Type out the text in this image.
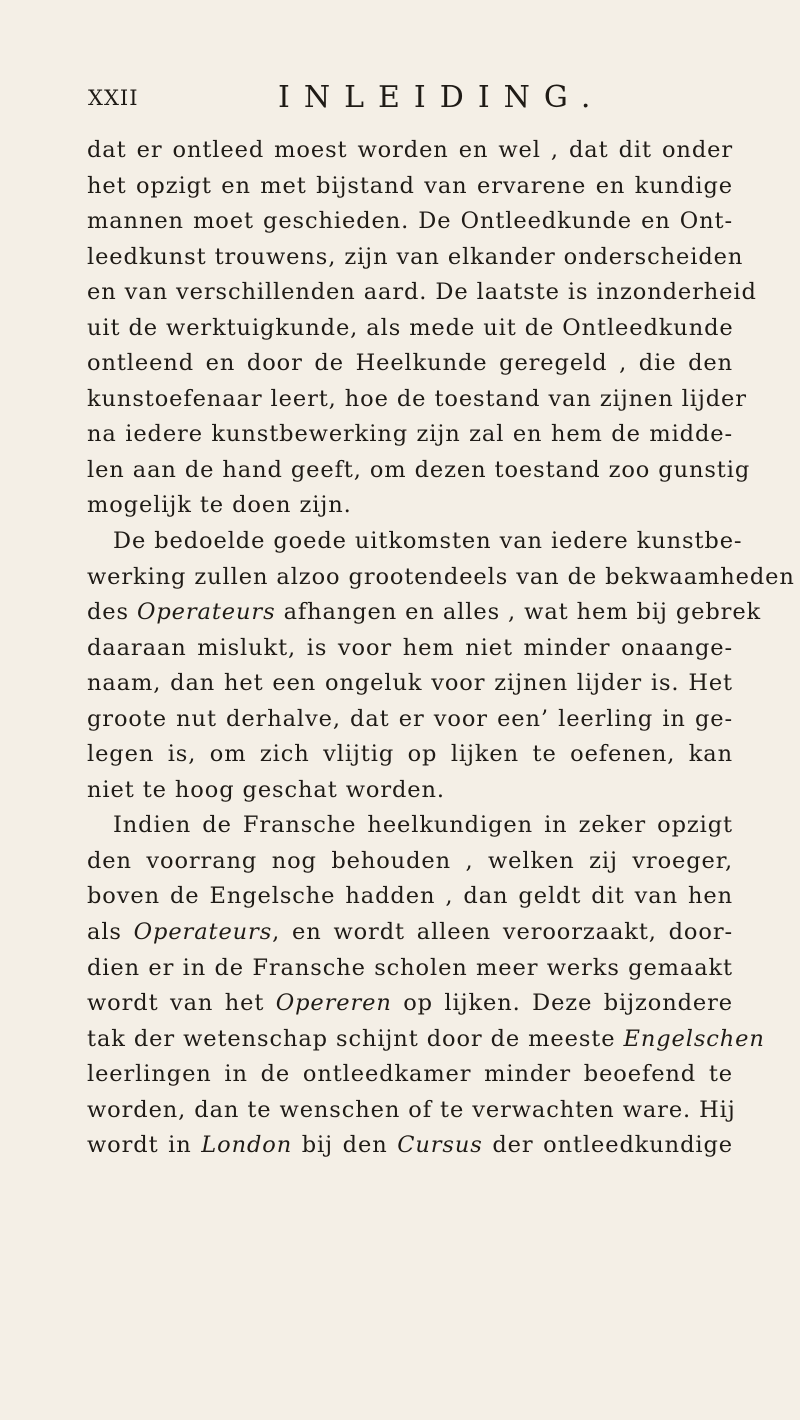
XXII	INLEIDING.
dat er ontleed moest worden en wel , dat dit onder
het opzigt en met bijstand van ervarene en kundige
mannen moet geschieden. De Ontleedkunde en Ont-
leedkunst trouwens, zijn van elkander onderscheiden
en van verschillenden aard. De laatste is inzonderheid
uit de werktuigkunde, als mede uit de Ontleedkunde
ontleend en door de Heelkunde geregeld , die den
kunstoefenaar leert, hoe de toestand van zijnen lijder
na iedere kunstbewerking zijn zal en hem de midde-
len aan de hand geeft, om dezen toestand zoo gunstig
mogelijk te doen zijn.
De bedoelde goede uitkomsten van iedere kunstbe-
werking zullen alzoo grootendeels van de bekwaamheden
des Operateurs afhangen en alles , wat hem bij gebrek
daaraan mislukt, is voor hem niet minder onaange-
naam, dan het een ongeluk voor zijnen lijder is. Het
groote nut derhalve, dat er voor een’ leerling in ge-
legen is, om zich vlijtig op lijken te oefenen, kan
niet te hoog geschat worden.
Indien de Fransche heelkundigen in zeker opzigt
den voorrang nog behouden , welken zij vroeger,
boven de Engelsche hadden , dan geldt dit van hen
als Operateurs, en wordt alleen veroorzaakt, door-
dien er in de Fransche scholen meer werks gemaakt
wordt van het Opereren op lijken. Deze bijzondere
tak der wetenschap schijnt door de meeste Engelschen
leerlingen in de ontleedkamer minder beoefend te
worden, dan te wenschen of te verwachten ware. Hij
wordt in London bij den Cursus der ontleedkundige
